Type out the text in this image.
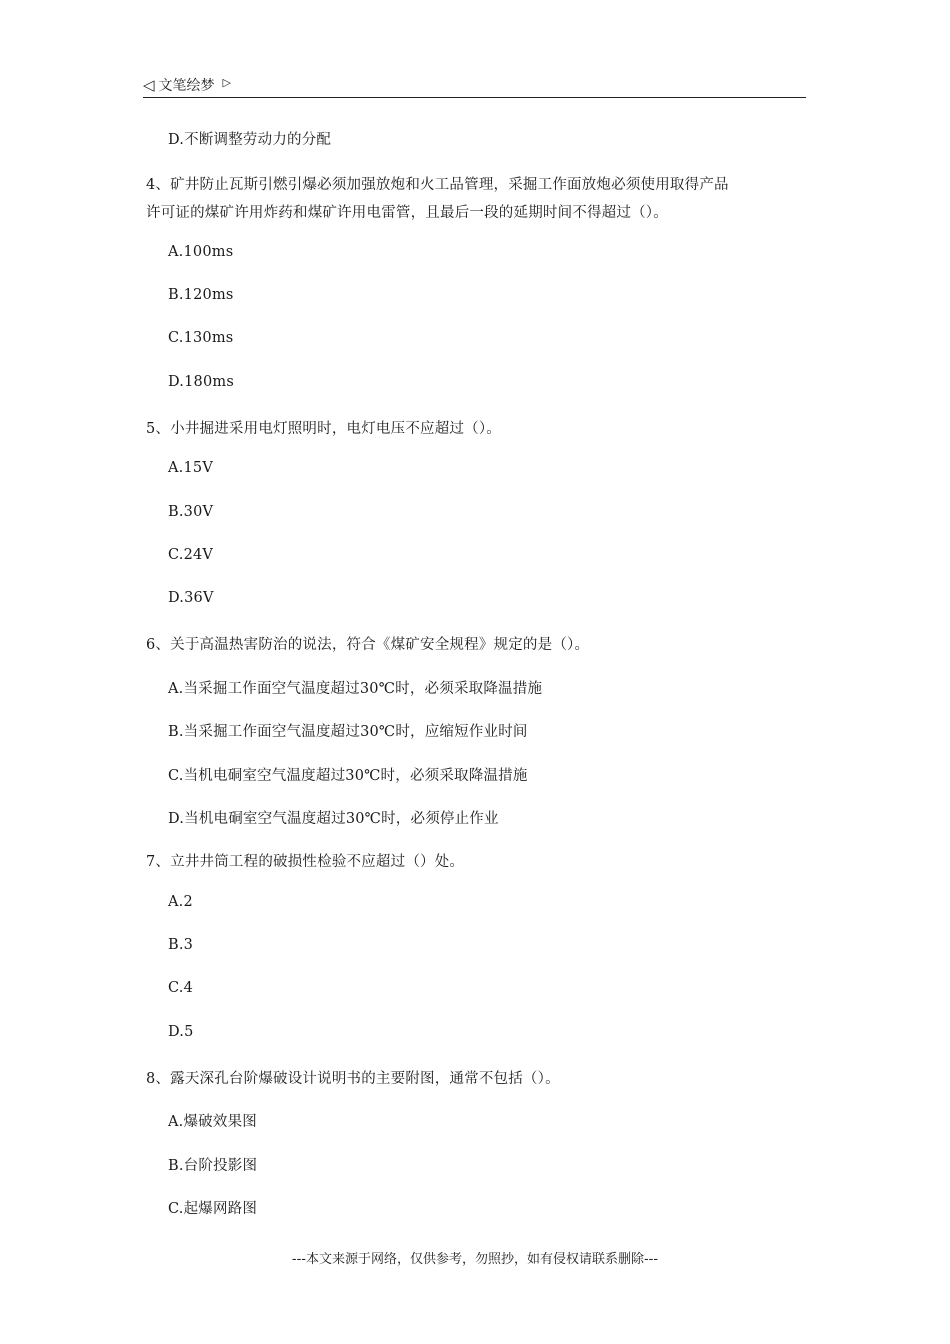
◁ 文笔绘梦 ▷
D.不断调整劳动力的分配
4、矿井防止瓦斯引燃引爆必须加强放炮和火工品管理，采掘工作面放炮必须使用取得产品
许可证的煤矿许用炸药和煤矿许用电雷管，且最后一段的延期时间不得超过（）。
A.100ms
B.120ms
C.130ms
D.180ms
5、小井掘进采用电灯照明时，电灯电压不应超过（）。
A.15V
B.30V
C.24V
D.36V
6、关于高温热害防治的说法，符合《煤矿安全规程》规定的是（）。
A.当采掘工作面空气温度超过30℃时，必须采取降温措施
B.当采掘工作面空气温度超过30℃时，应缩短作业时间
C.当机电硐室空气温度超过30℃时，必须采取降温措施
D.当机电硐室空气温度超过30℃时，必须停止作业
7、立井井筒工程的破损性检验不应超过（）处。
A.2
B.3
C.4
D.5
8、露天深孔台阶爆破设计说明书的主要附图，通常不包括（）。
A.爆破效果图
B.台阶投影图
C.起爆网路图
---本文来源于网络，仅供参考，勿照抄，如有侵权请联系删除---
